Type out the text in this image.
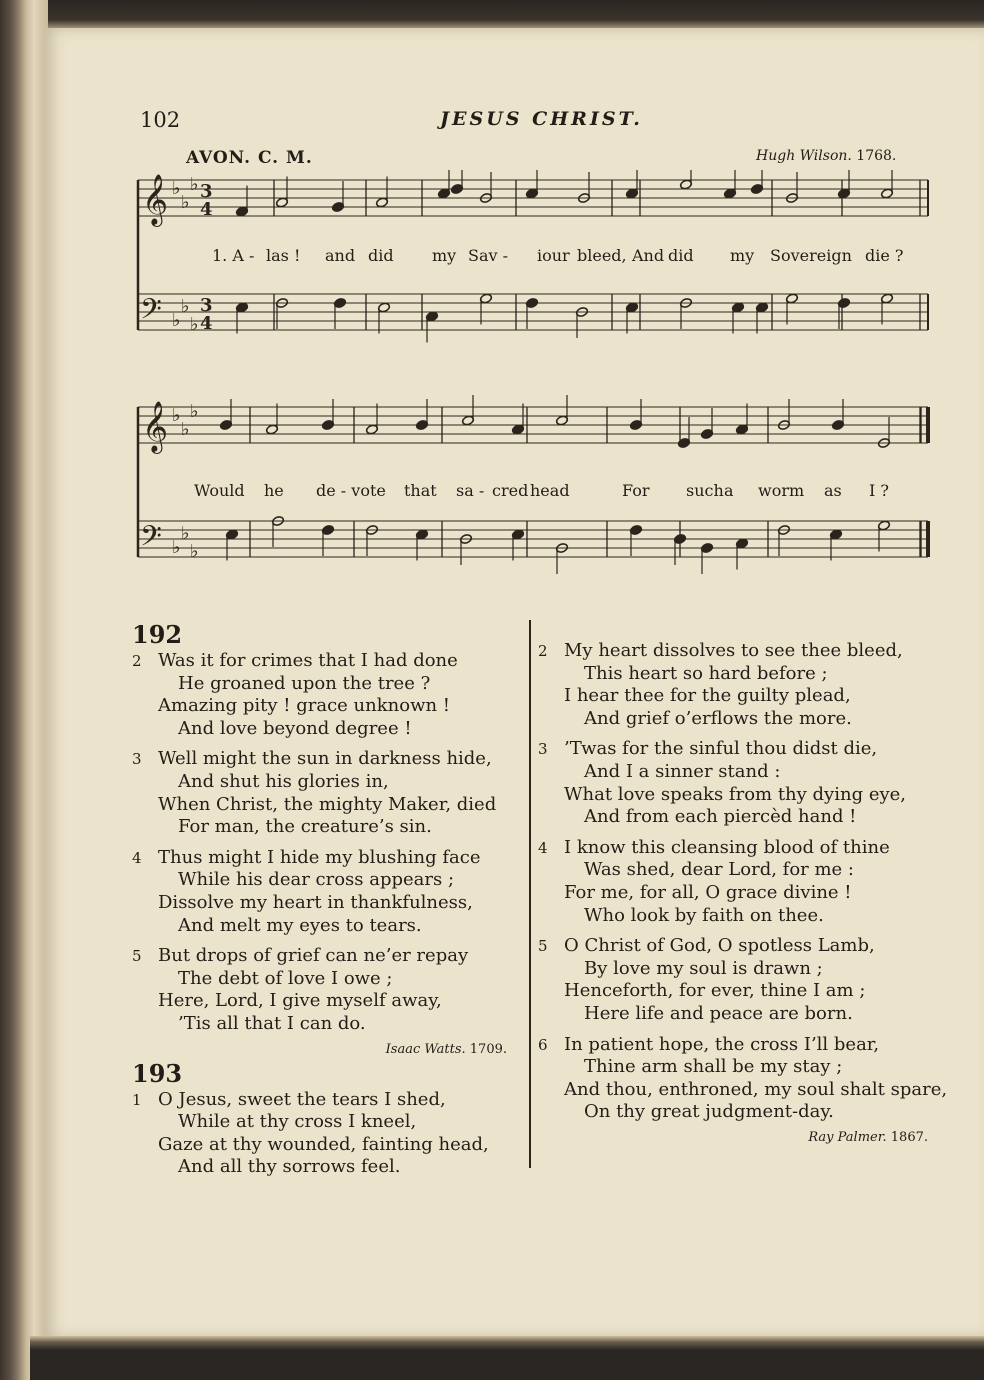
102	JESUS CHRIST.
AVON. C. M.	Hugh Wilson. 1768.
𝄞
𝄢
♭
♭
♭
♭
♭
♭
3
4
3
4
1. A - las ! and did my Sav - iour bleed, And did my Sovereign die ?
𝄞
𝄢
♭
♭
♭
♭
♭
♭
Would he de - vote that sa - cred head	For such a worm as I ?
192
2 Was it for crimes that I had done
He groaned upon the tree ?
Amazing pity ! grace unknown !
And love beyond degree !
3 Well might the sun in darkness hide,
And shut his glories in,
When Christ, the mighty Maker, died
For man, the creature’s sin.
4 Thus might I hide my blushing face
While his dear cross appears ;
Dissolve my heart in thankfulness,
And melt my eyes to tears.
5 But drops of grief can ne’er repay
The debt of love I owe ;
Here, Lord, I give myself away,
’Tis all that I can do.
Isaac Watts. 1709.
193
1 O Jesus, sweet the tears I shed,
While at thy cross I kneel,
Gaze at thy wounded, fainting head,
And all thy sorrows feel.
2 My heart dissolves to see thee bleed,
This heart so hard before ;
I hear thee for the guilty plead,
And grief o’erflows the more.
3 ’Twas for the sinful thou didst die,
And I a sinner stand :
What love speaks from thy dying eye,
And from each piercèd hand !
4 I know this cleansing blood of thine
Was shed, dear Lord, for me :
For me, for all, O grace divine !
Who look by faith on thee.
5 O Christ of God, O spotless Lamb,
By love my soul is drawn ;
Henceforth, for ever, thine I am ;
Here life and peace are born.
6 In patient hope, the cross I’ll bear,
Thine arm shall be my stay ;
And thou, enthroned, my soul shalt spare,
On thy great judgment-day.
Ray Palmer. 1867.
